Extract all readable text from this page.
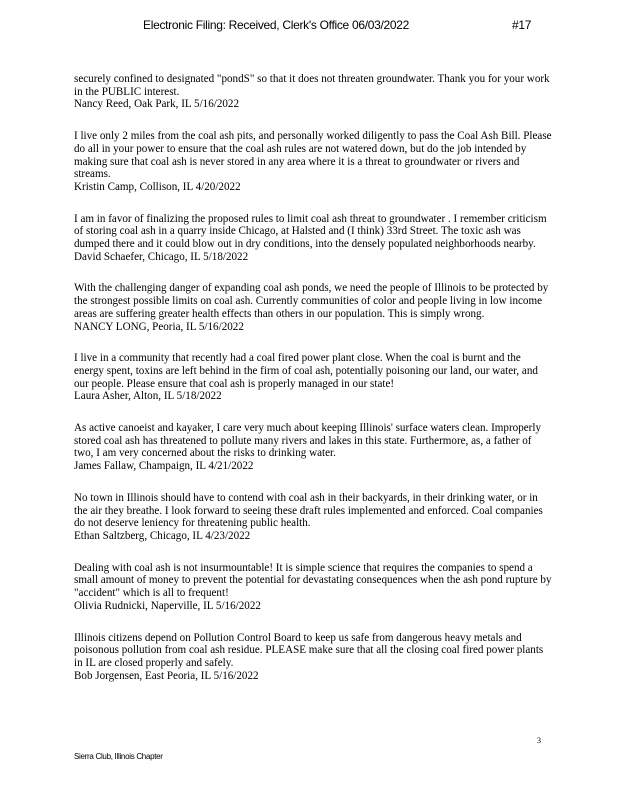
Electronic Filing: Received, Clerk's Office 06/03/2022	#17

securely confined to designated "pondS" so that it does not threaten groundwater. Thank you for your work in the PUBLIC interest.

Nancy Reed, Oak Park, IL 5/16/2022

I live only 2 miles from the coal ash pits, and personally worked diligently to pass the Coal Ash Bill. Please do all in your power to ensure that the coal ash rules are not watered down, but do the job intended by making sure that coal ash is never stored in any area where it is a threat to groundwater or rivers and streams.

Kristin Camp, Collison, IL 4/20/2022

I am in favor of finalizing the proposed rules to limit coal ash threat to groundwater . I remember criticism of storing coal ash in a quarry inside Chicago, at Halsted and (I think) 33rd Street. The toxic ash was dumped there and it could blow out in dry conditions, into the densely populated neighborhoods nearby.

David Schaefer, Chicago, IL 5/18/2022

With the challenging danger of expanding coal ash ponds, we need the people of Illinois to be protected by the strongest possible limits on coal ash. Currently communities of color and people living in low income areas are suffering greater health effects than others in our population. This is simply wrong.

NANCY LONG, Peoria, IL 5/16/2022

I live in a community that recently had a coal fired power plant close. When the coal is burnt and the energy spent, toxins are left behind in the firm of coal ash, potentially poisoning our land, our water, and our people. Please ensure that coal ash is properly managed in our state!

Laura Asher, Alton, IL 5/18/2022

As active canoeist and kayaker, I care very much about keeping Illinois' surface waters clean. Improperly stored coal ash has threatened to pollute many rivers and lakes in this state. Furthermore, as, a father of two, I am very concerned about the risks to drinking water.

James Fallaw, Champaign, IL 4/21/2022

No town in Illinois should have to contend with coal ash in their backyards, in their drinking water, or in the air they breathe. I look forward to seeing these draft rules implemented and enforced. Coal companies do not deserve leniency for threatening public health.

Ethan Saltzberg, Chicago, IL 4/23/2022

Dealing with coal ash is not insurmountable! It is simple science that requires the companies to spend a small amount of money to prevent the potential for devastating consequences when the ash pond rupture by "accident" which is all to frequent!

Olivia Rudnicki, Naperville, IL 5/16/2022

Illinois citizens depend on Pollution Control Board to keep us safe from dangerous heavy metals and poisonous pollution from coal ash residue. PLEASE make sure that all the closing coal fired power plants in IL are closed properly and safely.

Bob Jorgensen, East Peoria, IL 5/16/2022

3
Sierra Club, Illinois Chapter
